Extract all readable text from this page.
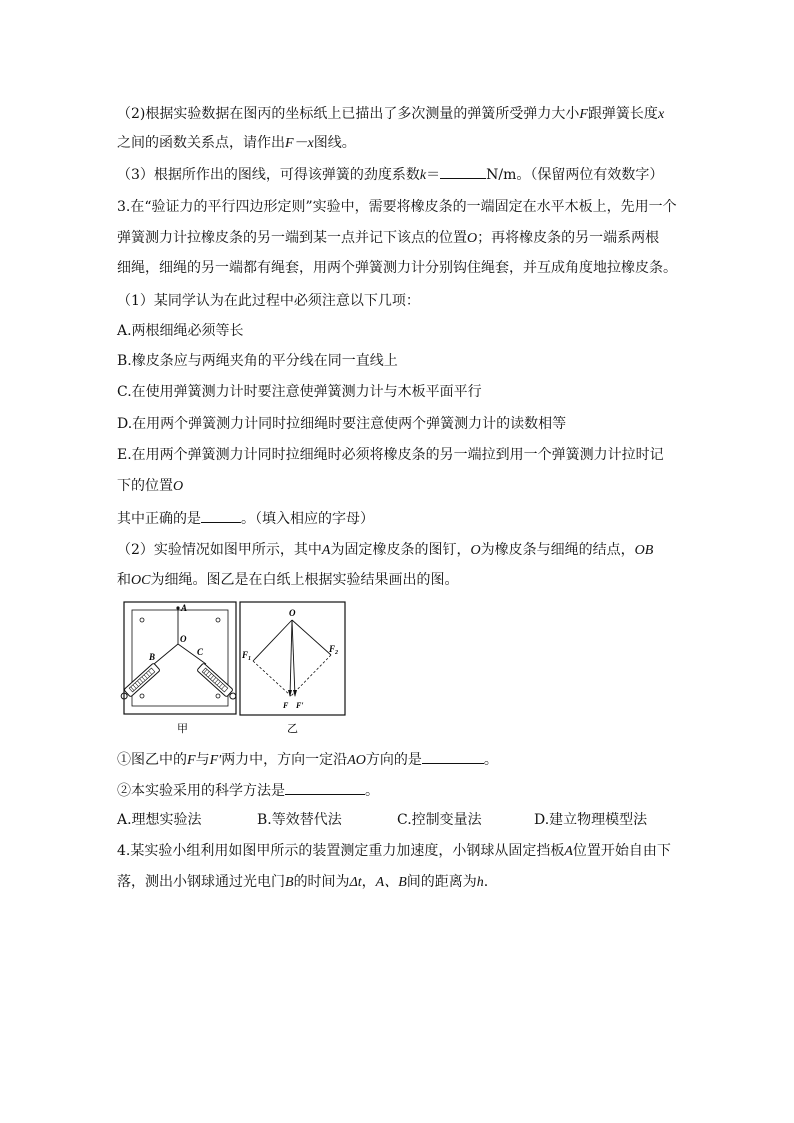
（2)根据实验数据在图丙的坐标纸上已描出了多次测量的弹簧所受弹力大小F跟弹簧长度x
之间的函数关系点，请作出F－x图线。
（3）根据所作出的图线，可得该弹簧的劲度系数k＝	N/m。（保留两位有效数字）
3.在“验证力的平行四边形定则”实验中，需要将橡皮条的一端固定在水平木板上，先用一个
弹簧测力计拉橡皮条的另一端到某一点并记下该点的位置O；再将橡皮条的另一端系两根
细绳，细绳的另一端都有绳套，用两个弹簧测力计分别钩住绳套，并互成角度地拉橡皮条。
（1）某同学认为在此过程中必须注意以下几项：
A.两根细绳必须等长
B.橡皮条应与两绳夹角的平分线在同一直线上
C.在使用弹簧测力计时要注意使弹簧测力计与木板平面平行
D.在用两个弹簧测力计同时拉细绳时要注意使两个弹簧测力计的读数相等
E.在用两个弹簧测力计同时拉细绳时必须将橡皮条的另一端拉到用一个弹簧测力计拉时记
下的位置O
其中正确的是	。（填入相应的字母）
（2）实验情况如图甲所示，其中A为固定橡皮条的图钉，O为橡皮条与细绳的结点，OB
和OC为细绳。图乙是在白纸上根据实验结果画出的图。
A
O
B	C
甲
O
$F_1$
$F_2$
F F′
乙
①图乙中的F与F′两力中，方向一定沿AO方向的是	。
②本实验采用的科学方法是	。
A.理想实验法	B.等效替代法	C.控制变量法	D.建立物理模型法
4.某实验小组利用如图甲所示的装置测定重力加速度，小钢球从固定挡板A位置开始自由下
落，测出小钢球通过光电门B的时间为Δt，A、B间的距离为h.
